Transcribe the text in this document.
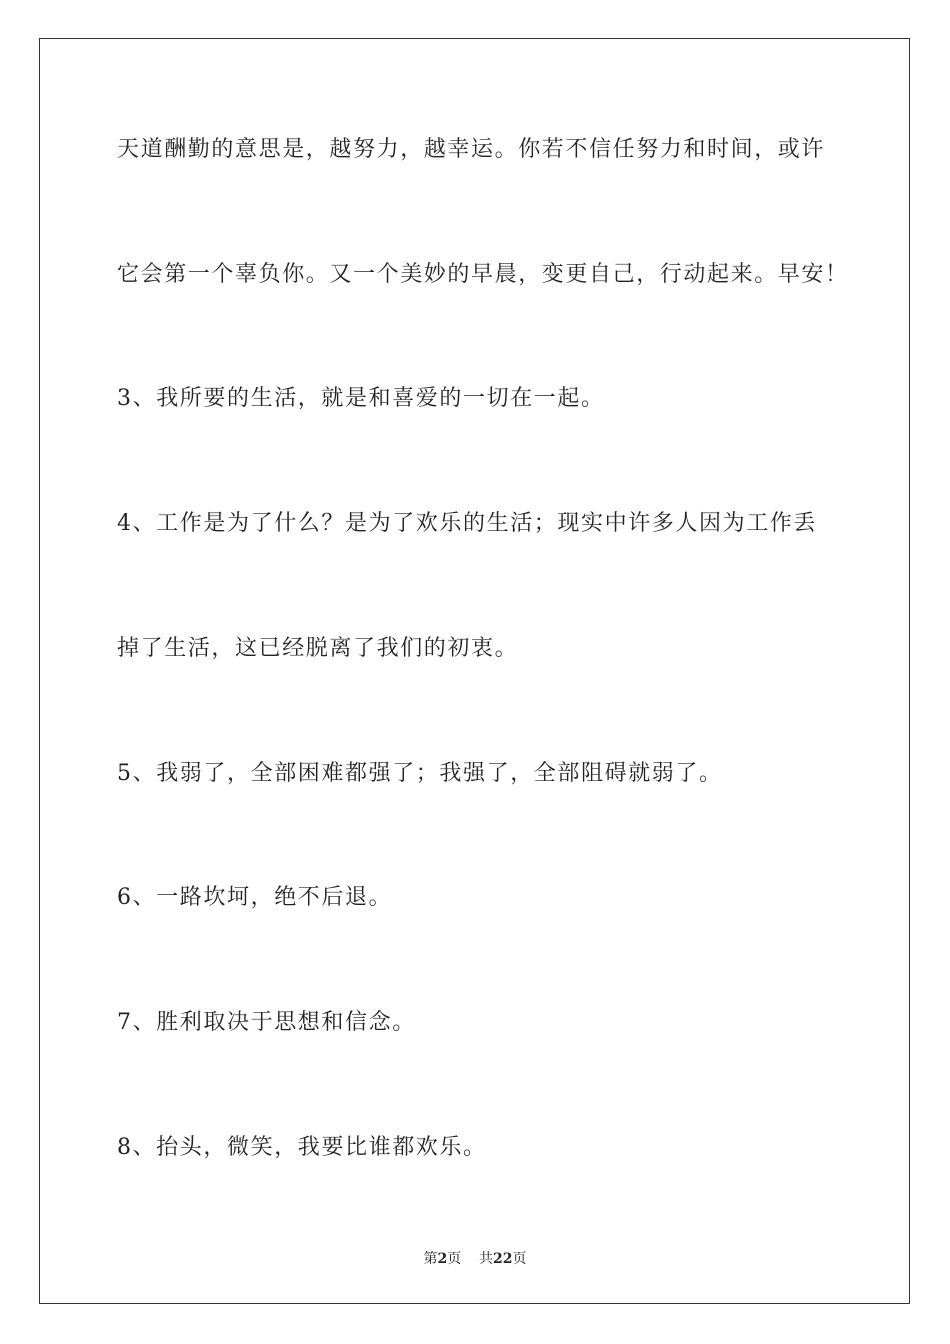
天道酬勤的意思是，越努力，越幸运。你若不信任努力和时间，或许
它会第一个辜负你。又一个美妙的早晨，变更自己，行动起来。早安！
3、我所要的生活，就是和喜爱的一切在一起。
4、工作是为了什么？是为了欢乐的生活；现实中许多人因为工作丢
掉了生活，这已经脱离了我们的初衷。
5、我弱了，全部困难都强了；我强了，全部阻碍就弱了。
6、一路坎坷，绝不后退。
7、胜利取决于思想和信念。
8、抬头，微笑，我要比谁都欢乐。
第2页 共22页
